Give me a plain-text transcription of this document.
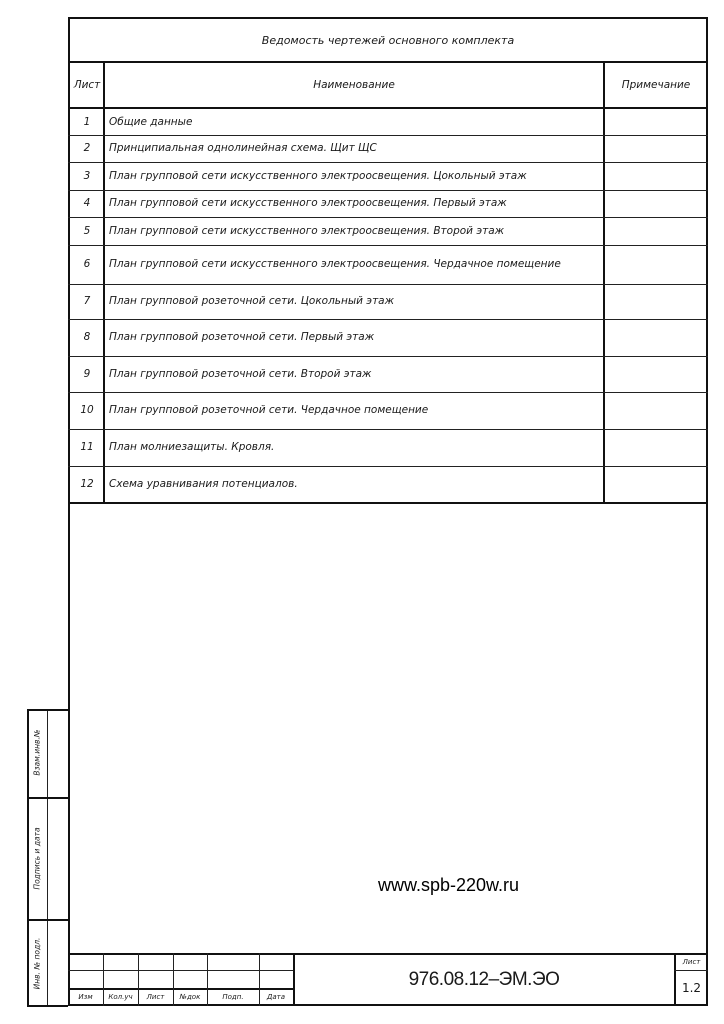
Ведомость чертежей основного комплекта
Лист	Наименование	Примечание
1	Общие данные
2	Принципиальная однолинейная схема. Щит ЩС
3	План групповой сети искусственного электроосвещения. Цокольный этаж
4	План групповой сети искусственного электроосвещения. Первый этаж
5	План групповой сети искусственного электроосвещения. Второй этаж
6	План групповой сети искусственного электроосвещения. Чердачное помещение
7	План групповой розеточной сети. Цокольный этаж
8	План групповой розеточной сети. Первый этаж
9	План групповой розеточной сети. Второй этаж
10	План групповой розеточной сети. Чердачное помещение
11	План молниезащиты. Кровля.
12	Схема уравнивания потенциалов.
Взам.инв.№
Подпись и дата
Инв. № подл.
www.spb-220w.ru
Изм	Кол.уч	Лист	№док	Подп.	Дата
976.08.12–ЭМ.ЭО
Лист
1.2
